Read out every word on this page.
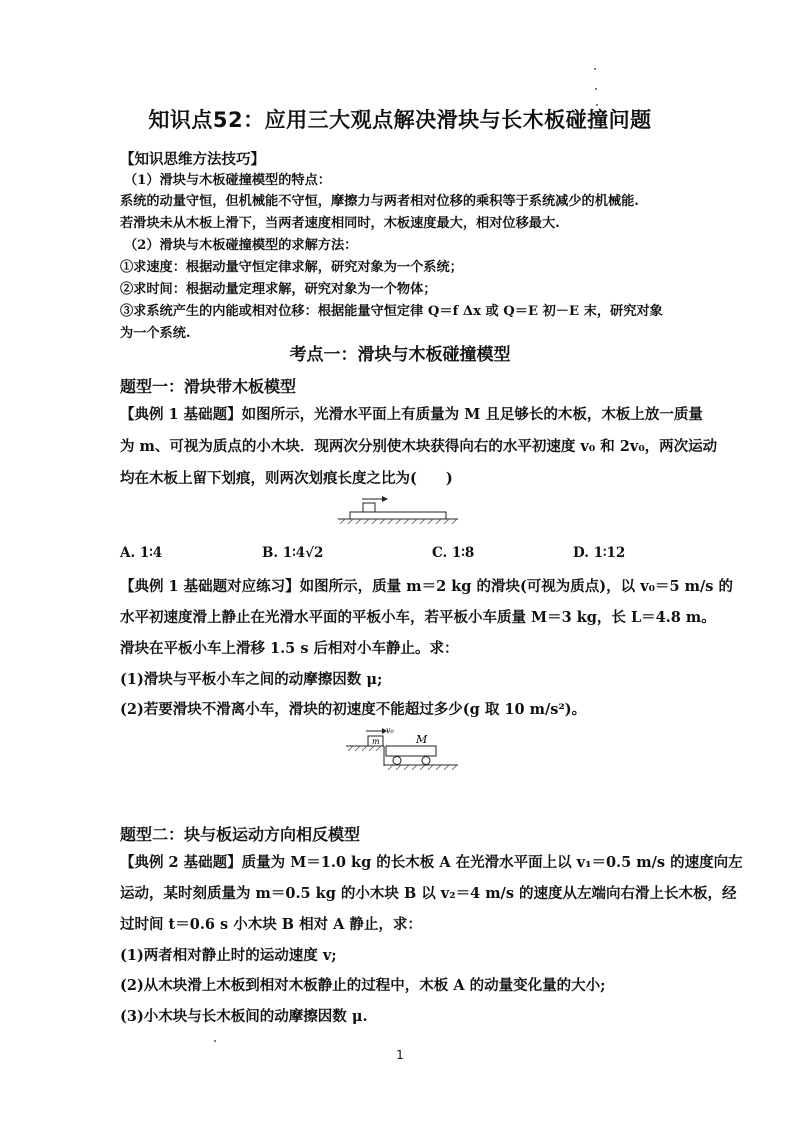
知识点52：应用三大观点解决滑块与长木板碰撞问题
【知识思维方法技巧】
（1）滑块与木板碰撞模型的特点：
系统的动量守恒，但机械能不守恒，摩擦力与两者相对位移的乘积等于系统减少的机械能.
若滑块未从木板上滑下，当两者速度相同时，木板速度最大，相对位移最大.
（2）滑块与木板碰撞模型的求解方法：
①求速度：根据动量守恒定律求解，研究对象为一个系统；
②求时间：根据动量定理求解，研究对象为一个物体；
③求系统产生的内能或相对位移：根据能量守恒定律 Q＝f Δx 或 Q＝E 初－E 末，研究对象
为一个系统.
考点一：滑块与木板碰撞模型
题型一：滑块带木板模型
【典例 1 基础题】如图所示，光滑水平面上有质量为 M 且足够长的木板，木板上放一质量
为 m、可视为质点的小木块．现两次分别使木块获得向右的水平初速度 v₀ 和 2v₀，两次运动
均在木板上留下划痕，则两次划痕长度之比为(　　)
A. 1∶4	B. 1∶4√2	C. 1∶8	D. 1∶12
【典例 1 基础题对应练习】如图所示，质量 m＝2 kg 的滑块(可视为质点)，以 v₀＝5 m/s 的
水平初速度滑上静止在光滑水平面的平板小车，若平板小车质量 M＝3 kg，长 L＝4.8 m。
滑块在平板小车上滑移 1.5 s 后相对小车静止。求：
(1)滑块与平板小车之间的动摩擦因数 μ;
(2)若要滑块不滑离小车，滑块的初速度不能超过多少(g 取 10 m/s²)。
v₀
m	M
题型二：块与板运动方向相反模型
【典例 2 基础题】质量为 M＝1.0 kg 的长木板 A 在光滑水平面上以 v₁＝0.5 m/s 的速度向左
运动，某时刻质量为 m＝0.5 kg 的小木块 B 以 v₂＝4 m/s 的速度从左端向右滑上长木板，经
过时间 t＝0.6 s 小木块 B 相对 A 静止，求：
(1)两者相对静止时的运动速度 v;
(2)从木块滑上木板到相对木板静止的过程中，木板 A 的动量变化量的大小;
(3)小木块与长木板间的动摩擦因数 μ.
1
